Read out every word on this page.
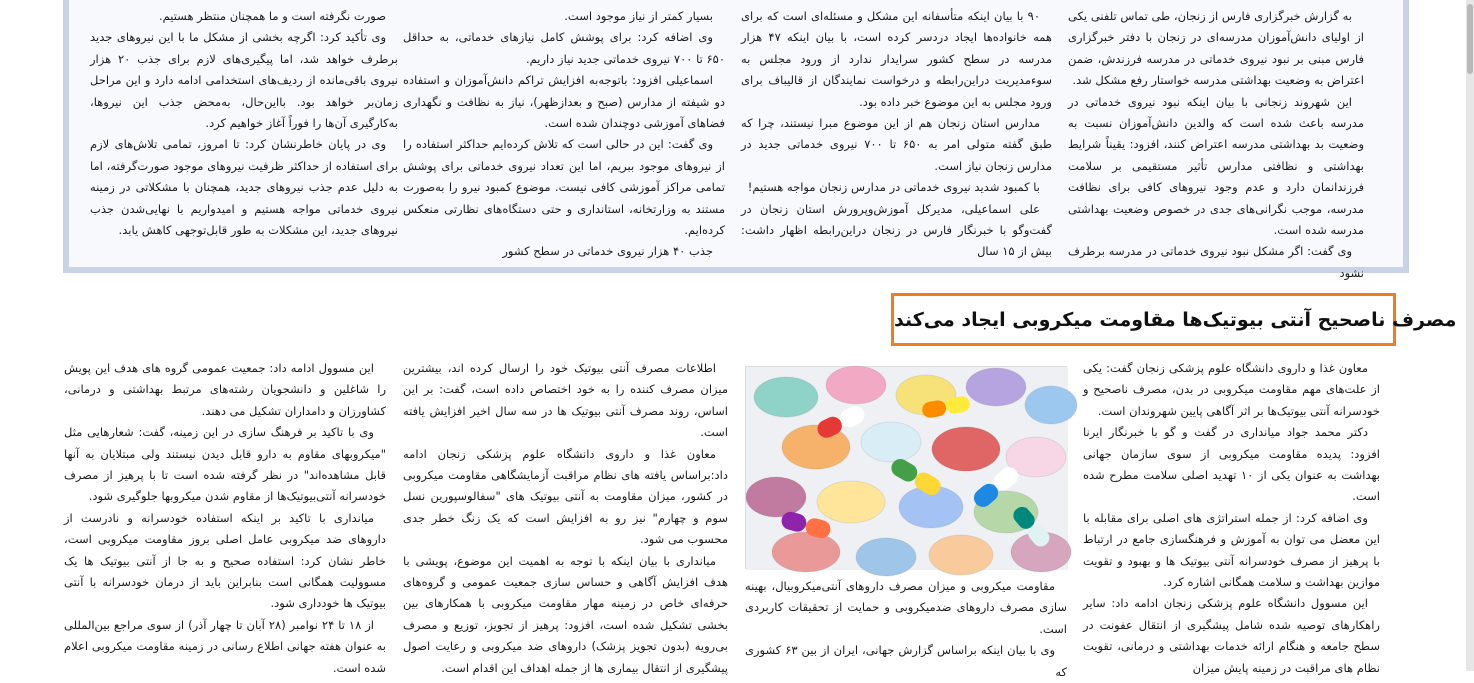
به گزارش خبرگزاری فارس از زنجان، طی تماس تلفنی یکی از اولیای دانش‌آموزان مدرسه‌ای در زنجان با دفتر خبرگزاری فارس مبنی بر نبود نیروی خدماتی در مدرسه فرزندش، ضمن اعتراض به وضعیت بهداشتی مدرسه خواستار رفع مشکل شد.

این شهروند زنجانی با بیان اینکه نبود نیروی خدماتی در مدرسه باعث شده است که والدین دانش‌آموزان نسبت به وضعیت بد بهداشتی مدرسه اعتراض کنند، افزود: یقیناً شرایط بهداشتی و نظافتی مدارس تأثیر مستقیمی بر سلامت فرزندانمان دارد و عدم وجود نیروهای کافی برای نظافت مدرسه، موجب نگرانی‌های جدی در خصوص وضعیت بهداشتی مدرسه شده است.

وی گفت: اگر مشکل نبود نیروی خدماتی در مدرسه برطرف نشود

۹۰ با بیان اینکه متأسفانه این مشکل و مسئله‌ای است که برای همه خانواده‌ها ایجاد دردسر کرده است، با بیان اینکه ۴۷ هزار مدرسه در سطح کشور سرایدار ندارد از ورود مجلس به سوءمدیریت دراین‌رابطه و درخواست نمایندگان از قالیباف برای ورود مجلس به این موضوع خبر داده بود.

مدارس استان زنجان هم از این موضوع مبرا نیستند، چرا که طبق گفته متولی امر به ۶۵۰ تا ۷۰۰ نیروی خدماتی جدید در مدارس زنجان نیاز است.

با کمبود شدید نیروی خدماتی در مدارس زنجان مواجه هستیم!

علی اسماعیلی، مدیرکل آموزش‌وپرورش استان زنجان در گفت‌وگو با خبرنگار فارس در زنجان دراین‌رابطه اظهار داشت: بیش از ۱۵ سال

بسیار کمتر از نیاز موجود است.

وی اضافه کرد: برای پوشش کامل نیازهای خدماتی، به حداقل ۶۵۰ تا ۷۰۰ نیروی خدماتی جدید نیاز داریم.

اسماعیلی افزود: باتوجه‌به افزایش تراکم دانش‌آموزان و استفاده دو شیفته از مدارس (صبح و بعدازظهر)، نیاز به نظافت و نگهداری فضاهای آموزشی دوچندان شده است.

وی گفت: این در حالی است که تلاش کرده‌ایم حداکثر استفاده را از نیروهای موجود ببریم، اما این تعداد نیروی خدماتی برای پوشش تمامی مراکز آموزشی کافی نیست. موضوع کمبود نیرو را به‌صورت مستند به وزارتخانه، استانداری و حتی دستگاه‌های نظارتی منعکس کرده‌ایم.

جذب ۴۰ هزار نیروی خدماتی در سطح کشور

صورت نگرفته است و ما همچنان منتظر هستیم.

وی تأکید کرد: اگرچه بخشی از مشکل ما با این نیروهای جدید برطرف خواهد شد، اما پیگیری‌های لازم برای جذب ۲۰ هزار نیروی باقی‌مانده از ردیف‌های استخدامی ادامه دارد و این مراحل زمان‌بر خواهد بود. بااین‌حال، به‌محض جذب این نیروها، به‌کارگیری آن‌ها را فوراً آغاز خواهیم کرد.

وی در پایان خاطرنشان کرد: تا امروز، تمامی تلاش‌های لازم برای استفاده از حداکثر ظرفیت نیروهای موجود صورت‌گرفته، اما به دلیل عدم جذب نیروهای جدید، همچنان با مشکلاتی در زمینه نیروی خدماتی مواجه هستیم و امیدواریم با نهایی‌شدن جذب نیروهای جدید، این مشکلات به طور قابل‌توجهی کاهش یابد.

مصرف ناصحیح آنتی بیوتیک‌ها مقاومت میکروبی ایجاد می‌کند

معاون غذا و داروی دانشگاه علوم پزشکی زنجان گفت: یکی از علت‌های مهم مقاومت میکروبی در بدن، مصرف ناصحیح و خودسرانه آنتی بیوتیک‌ها بر اثر آگاهی پایین شهروندان است.

دکتر محمد جواد میانداری در گفت و گو با خبرنگار ایرنا افزود: پدیده مقاومت میکروبی از سوی سازمان جهانی بهداشت به عنوان یکی از ۱۰ تهدید اصلی سلامت مطرح شده است.

وی اضافه کرد: از جمله استراتژی های اصلی برای مقابله با این معضل می توان به آموزش و فرهنگسازی جامع در ارتباط با پرهیز از مصرف خودسرانه آنتی بیوتیک ها و بهبود و تقویت موازین بهداشت و سلامت همگانی اشاره کرد.

این مسوول دانشگاه علوم پزشکی زنجان ادامه داد: سایر راهکارهای توصیه شده شامل پیشگیری از انتقال عفونت در سطح جامعه و هنگام ارائه خدمات بهداشتی و درمانی، تقویت نظام های مراقبت در زمینه پایش میزان

مقاومت میکروبی و میزان مصرف داروهای آنتی‌میکروبیال، بهینه سازی مصرف داروهای ضدمیکروبی و حمایت از تحقیقات کاربردی است.

وی با بیان اینکه براساس گزارش جهانی، ایران از بین ۶۳ کشوری که

اطلاعات مصرف آنتی بیوتیک خود را ارسال کرده اند، بیشترین میزان مصرف کننده را به خود اختصاص داده است، گفت: بر این اساس، روند مصرف آنتی بیوتیک ها در سه سال اخیر افزایش یافته است.

معاون غذا و داروی دانشگاه علوم پزشکی زنجان ادامه داد:براساس یافته های نظام مراقبت آزمایشگاهی مقاومت میکروبی در کشور، میزان مقاومت به آنتی بیوتیک های "سفالوسپورین نسل سوم و چهارم" نیز رو به افزایش است که یک زنگ خطر جدی محسوب می شود.

میانداری با بیان اینکه با توجه به اهمیت این موضوع، پویشی با هدف افزایش آگاهی و حساس سازی جمعیت عمومی و گروه‌های حرفه‌ای خاص در زمینه مهار مقاومت میکروبی با همکارهای بین بخشی تشکیل شده است، افزود: پرهیز از تجویز، توزیع و مصرف بی‌رویه (بدون تجویز پزشک) داروهای ضد میکروبی و رعایت اصول پیشگیری از انتقال بیماری ها از جمله اهداف این اقدام است.

این مسوول ادامه داد: جمعیت عمومی گروه های هدف این پویش را شاغلین و دانشجویان رشته‌های مرتبط بهداشتی و درمانی، کشاورزان و دامداران تشکیل می دهند.

وی با تاکید بر فرهنگ سازی در این زمینه، گفت: شعارهایی مثل "میکروبهای مقاوم به دارو قابل دیدن نیستند ولی مبتلایان به آنها قابل مشاهده‌اند" در نظر گرفته شده است تا با پرهیز از مصرف خودسرانه آنتی‌بیوتیک‌ها از مقاوم شدن میکروبها جلوگیری شود.

میانداری با تاکید بر اینکه استفاده خودسرانه و نادرست از داروهای ضد میکروبی عامل اصلی بروز مقاومت میکروبی است، خاطر نشان کرد: استفاده صحیح و به جا از آنتی بیوتیک ها یک مسوولیت همگانی است بنابراین باید از درمان خودسرانه با آنتی بیوتیک ها خودداری شود.

از ۱۸ تا ۲۴ نوامبر (۲۸ آبان تا چهار آذر) از سوی مراجع بین‌المللی به عنوان هفته جهانی اطلاع رسانی در زمینه مقاومت میکروبی اعلام شده است.
